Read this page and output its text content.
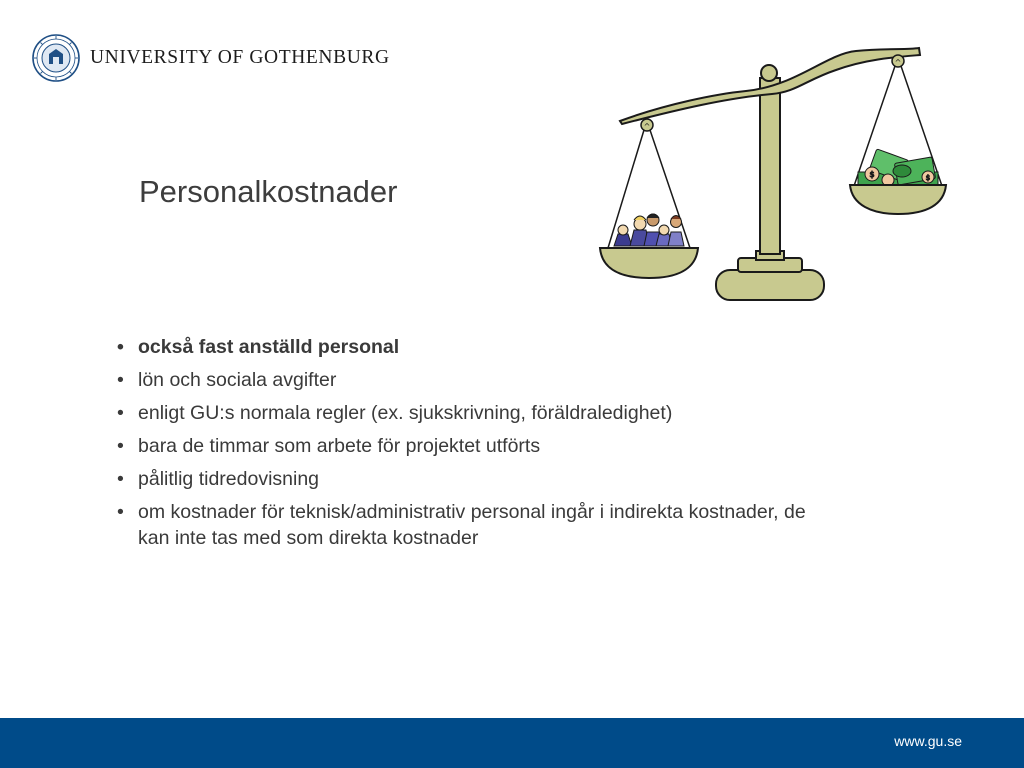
UNIVERSITY OF GOTHENBURG
Personalkostnader
^
^
$	$
• också fast anställd personal
• lön och sociala avgifter
• enligt GU:s normala regler (ex. sjukskrivning, föräldraledighet)
• bara de timmar som arbete för projektet utförts
• pålitlig tidredovisning
• om kostnader för teknisk/administrativ personal ingår i indirekta kostnader, de kan inte tas med som direkta kostnader
www.gu.se
